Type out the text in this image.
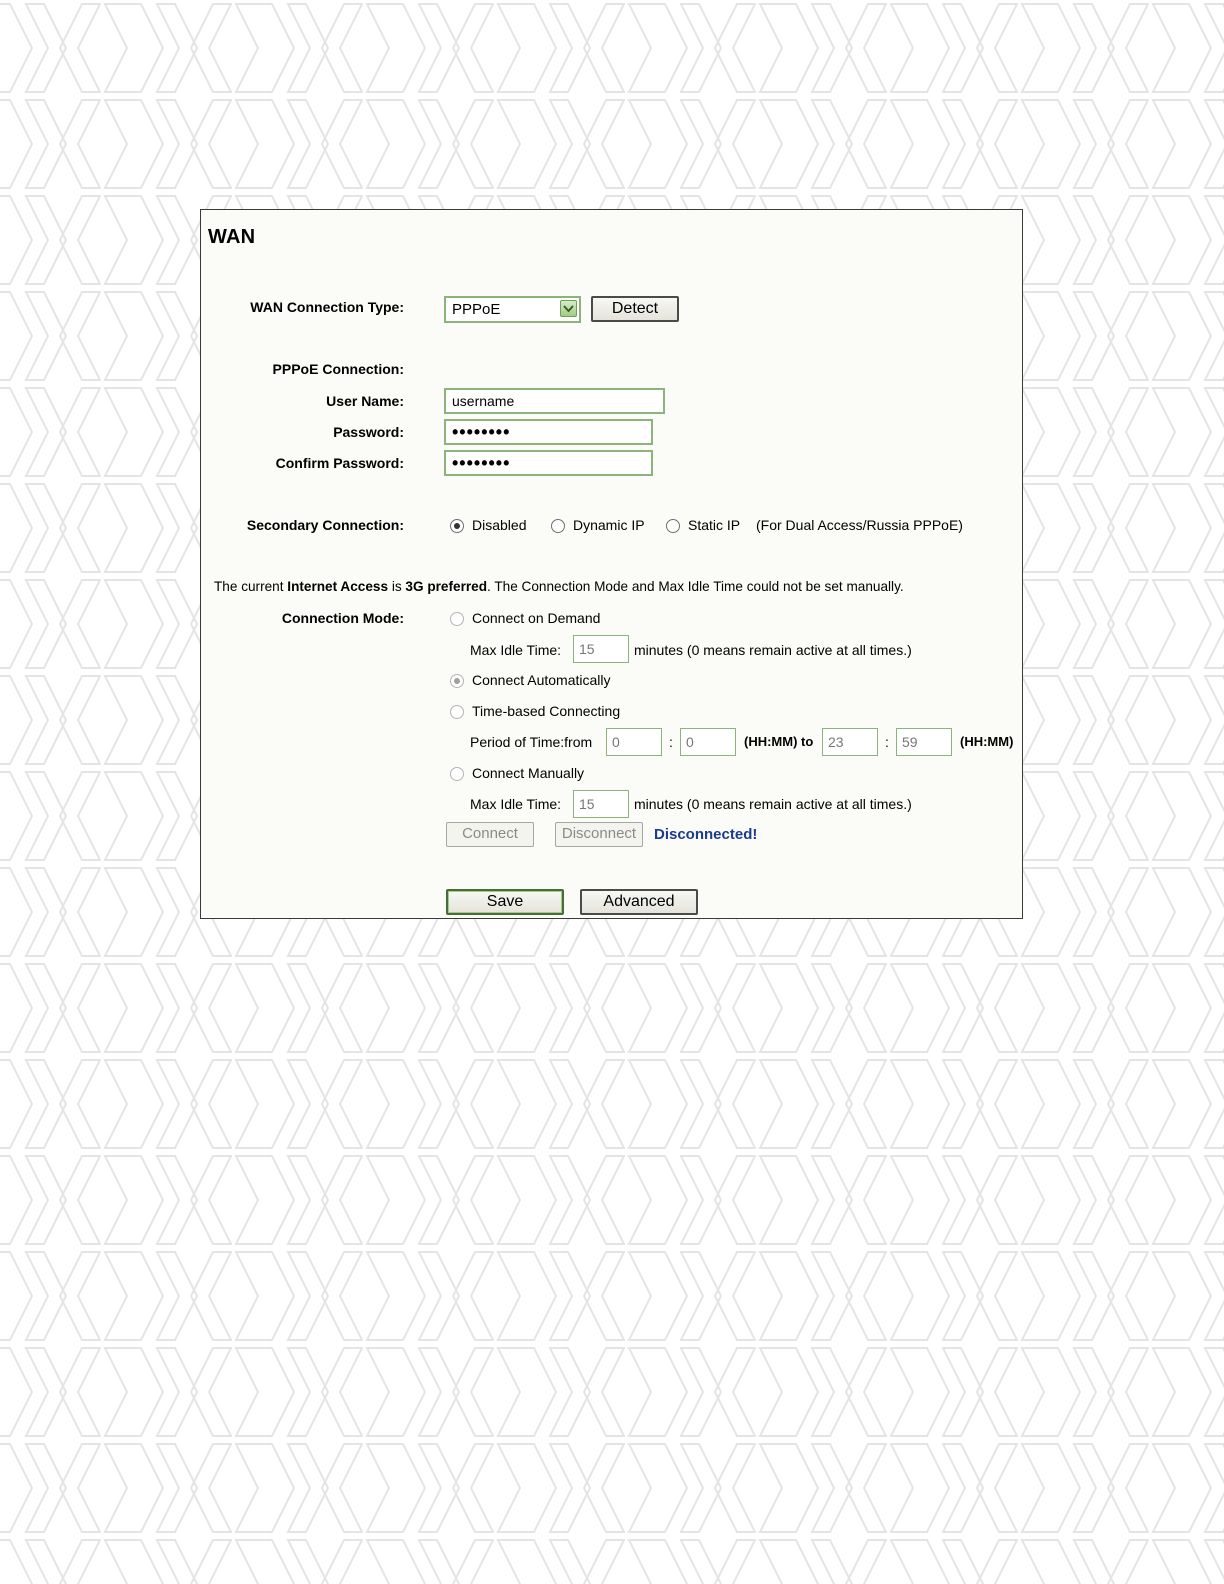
WAN
WAN Connection Type:	PPPoE	Detect
PPPoE Connection:
User Name:	username
Password:	••••••••
Confirm Password:	••••••••
Secondary Connection:	Disabled	Dynamic IP	Static IP (For Dual Access/Russia PPPoE)
The current Internet Access is 3G preferred. The Connection Mode and Max Idle Time could not be set manually.
Connection Mode:	Connect on Demand
Max Idle Time:	15	minutes (0 means remain active at all times.)
Connect Automatically
Time-based Connecting
Period of Time:from	0	: 0	(HH:MM) to	23	: 59	(HH:MM)
Connect Manually
Max Idle Time:	15	minutes (0 means remain active at all times.)
Connect	Disconnect	Disconnected!
Save	Advanced
